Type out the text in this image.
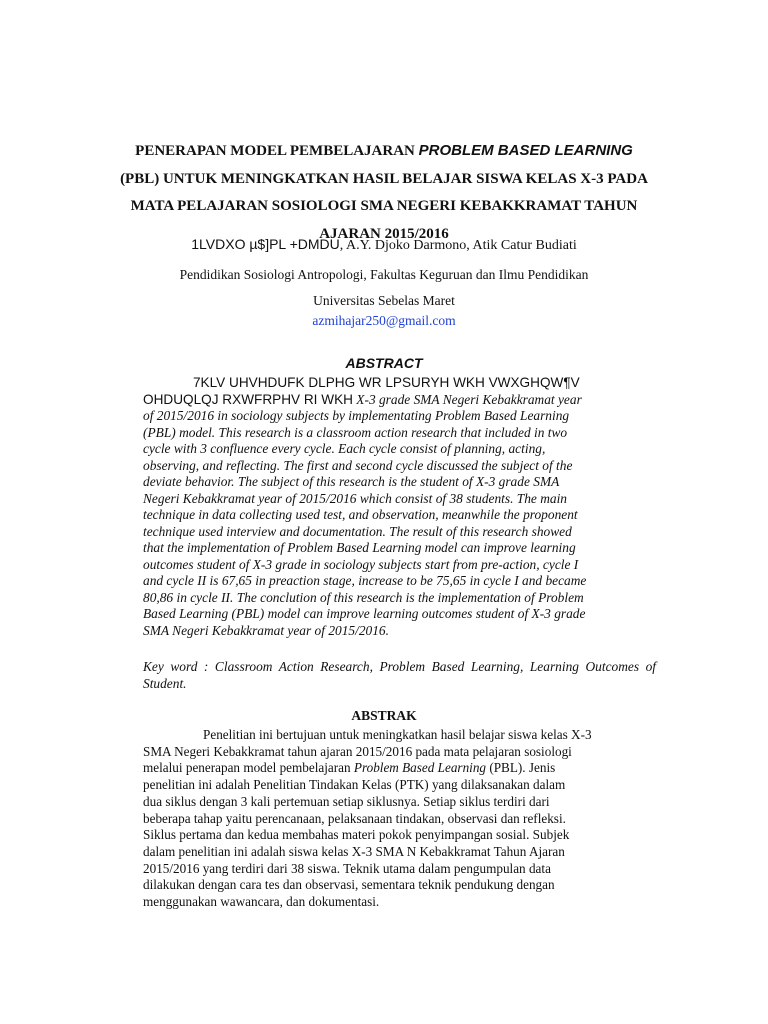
PENERAPAN MODEL PEMBELAJARAN PROBLEM BASED LEARNING (PBL) UNTUK MENINGKATKAN HASIL BELAJAR SISWA KELAS X-3 PADA MATA PELAJARAN SOSIOLOGI SMA NEGERI KEBAKKRAMAT TAHUN AJARAN 2015/2016
1LVDXO µ$]PL +DMDU, A.Y. Djoko Darmono, Atik Catur Budiati
Pendidikan Sosiologi Antropologi, Fakultas Keguruan dan Ilmu Pendidikan
Universitas Sebelas Maret
azmihajar250@gmail.com
ABSTRACT
7KLV UHVHDUFK DLPHG WR LPSURYH WKH VWXGHQW¶V
OHDUQLQJ RXWFRPHV RI WKH X-3 grade SMA Negeri Kebakkramat year
of 2015/2016 in sociology subjects by implementating Problem Based Learning
(PBL) model. This research is a classroom action research that included in two
cycle with 3 confluence every cycle. Each cycle consist of planning, acting,
observing, and reflecting. The first and second cycle discussed the subject of the
deviate behavior. The subject of this research is the student of X-3 grade SMA
Negeri Kebakkramat year of 2015/2016 which consist of 38 students. The main
technique in data collecting used test, and observation, meanwhile the proponent
technique used interview and documentation. The result of this research showed
that the implementation of Problem Based Learning model can improve learning
outcomes student of X-3 grade in sociology subjects start from pre-action, cycle I
and cycle II is 67,65 in preaction stage, increase to be 75,65 in cycle I and became
80,86 in cycle II. The conclution of this research is the implementation of Problem
Based Learning (PBL) model can improve learning outcomes student of X-3 grade
SMA Negeri Kebakkramat year of 2015/2016.
Key word : Classroom Action Research, Problem Based Learning, Learning Outcomes of Student.
ABSTRAK
Penelitian ini bertujuan untuk meningkatkan hasil belajar siswa kelas X-3
SMA Negeri Kebakkramat tahun ajaran 2015/2016 pada mata pelajaran sosiologi
melalui penerapan model pembelajaran Problem Based Learning (PBL). Jenis
penelitian ini adalah Penelitian Tindakan Kelas (PTK) yang dilaksanakan dalam
dua siklus dengan 3 kali pertemuan setiap siklusnya. Setiap siklus terdiri dari
beberapa tahap yaitu perencanaan, pelaksanaan tindakan, observasi dan refleksi.
Siklus pertama dan kedua membahas materi pokok penyimpangan sosial. Subjek
dalam penelitian ini adalah siswa kelas X-3 SMA N Kebakkramat Tahun Ajaran
2015/2016 yang terdiri dari 38 siswa. Teknik utama dalam pengumpulan data
dilakukan dengan cara tes dan observasi, sementara teknik pendukung dengan
menggunakan wawancara, dan dokumentasi.
